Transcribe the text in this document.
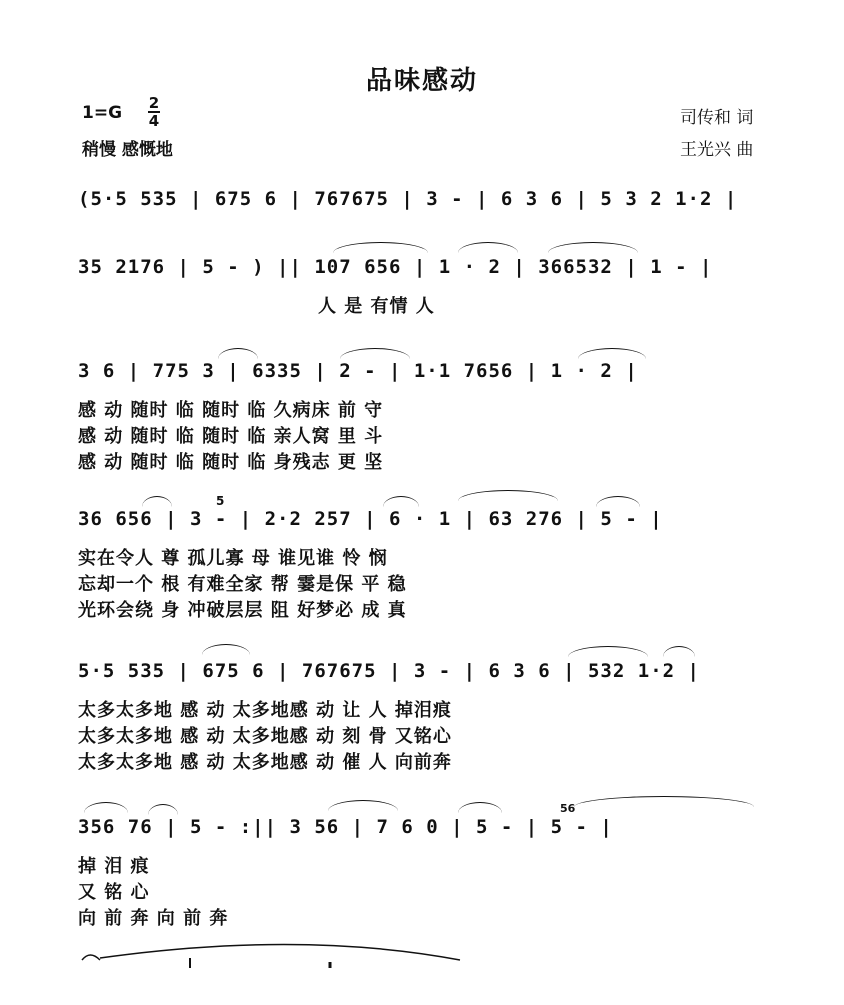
品味感动
1=G 2
4
稍慢 感慨地
司传和 词
王光兴 曲
(5·5 535 | 675 6 | 767675 | 3 - | 6 3 6 | 5 3 2 1·2 |
35 2176 | 5 - ) || 107 656 | 1 · 2 | 366532 | 1 - |
人 是 有情 人
3 6 | 775 3 | 6335 | 2 - | 1·1 7656 | 1 · 2 |
感 动 随时 临 随时 临 久病床 前 守
感 动 随时 临 随时 临 亲人窝 里 斗
感 动 随时 临 随时 临 身残志 更 坚
5
36 656 | 3 - | 2·2 257 | 6 · 1 | 63 276 | 5 - |
实在令人 尊 孤儿寡 母 谁见谁 怜 悯
忘却一个 根 有难全家 帮 霎是保 平 稳
光环会绕 身 冲破层层 阻 好梦必 成 真
5·5 535 | 675 6 | 767675 | 3 - | 6 3 6 | 532 1·2 |
太多太多地 感 动 太多地感 动 让 人 掉泪痕
太多太多地 感 动 太多地感 动 刻 骨 又铭心
太多太多地 感 动 太多地感 动 催 人 向前奔
56
356 76 | 5 - :|| 3 56 | 7 6 0 | 5 - | 5 - |
掉 泪 痕
又 铭 心
向 前 奔 向 前 奔
